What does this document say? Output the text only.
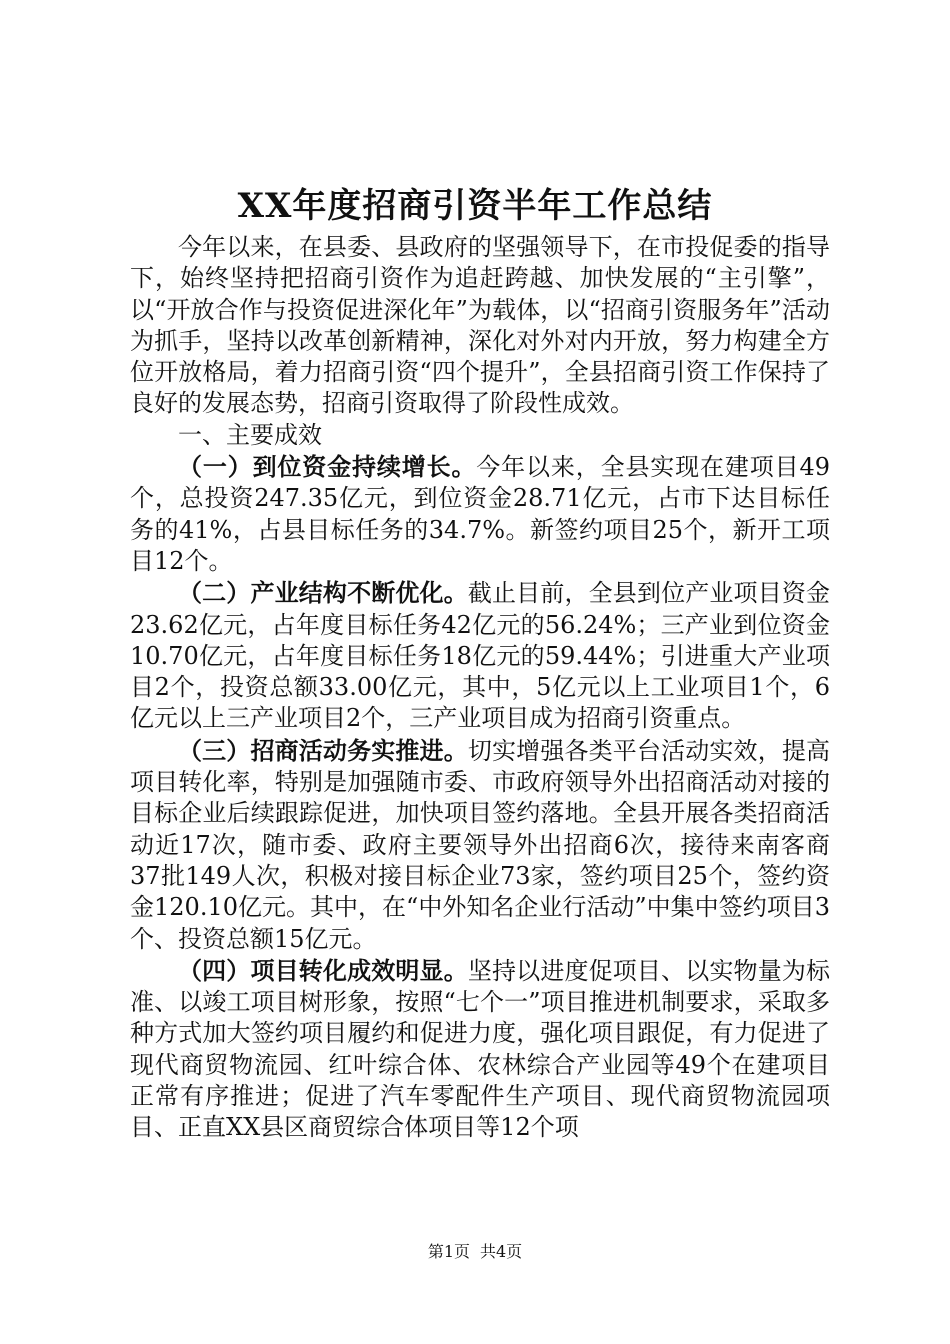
XX年度招商引资半年工作总结

今年以来，在县委、县政府的坚强领导下，在市投促委的指导下，始终坚持把招商引资作为追赶跨越、加快发展的“主引擎”，以“开放合作与投资促进深化年”为载体，以“招商引资服务年”活动为抓手，坚持以改革创新精神，深化对外对内开放，努力构建全方位开放格局，着力招商引资“四个提升”，全县招商引资工作保持了良好的发展态势，招商引资取得了阶段性成效。

一、主要成效

（一）到位资金持续增长。今年以来，全县实现在建项目49个，总投资247.35亿元，到位资金28.71亿元，占市下达目标任务的41%，占县目标任务的34.7%。新签约项目25个，新开工项目12个。

（二）产业结构不断优化。截止目前，全县到位产业项目资金23.62亿元，占年度目标任务42亿元的56.24%；三产业到位资金10.70亿元，占年度目标任务18亿元的59.44%；引进重大产业项目2个，投资总额33.00亿元，其中，5亿元以上工业项目1个，6亿元以上三产业项目2个，三产业项目成为招商引资重点。

（三）招商活动务实推进。切实增强各类平台活动实效，提高项目转化率，特别是加强随市委、市政府领导外出招商活动对接的目标企业后续跟踪促进，加快项目签约落地。全县开展各类招商活动近17次，随市委、政府主要领导外出招商6次，接待来南客商37批149人次，积极对接目标企业73家，签约项目25个，签约资金120.10亿元。其中，在“中外知名企业行活动”中集中签约项目3个、投资总额15亿元。

（四）项目转化成效明显。坚持以进度促项目、以实物量为标准、以竣工项目树形象，按照“七个一”项目推进机制要求，采取多种方式加大签约项目履约和促进力度，强化项目跟促，有力促进了现代商贸物流园、红叶综合体、农林综合产业园等49个在建项目正常有序推进；促进了汽车零配件生产项目、现代商贸物流园项目、正直XX县区商贸综合体项目等12个项

第1页 共4页
